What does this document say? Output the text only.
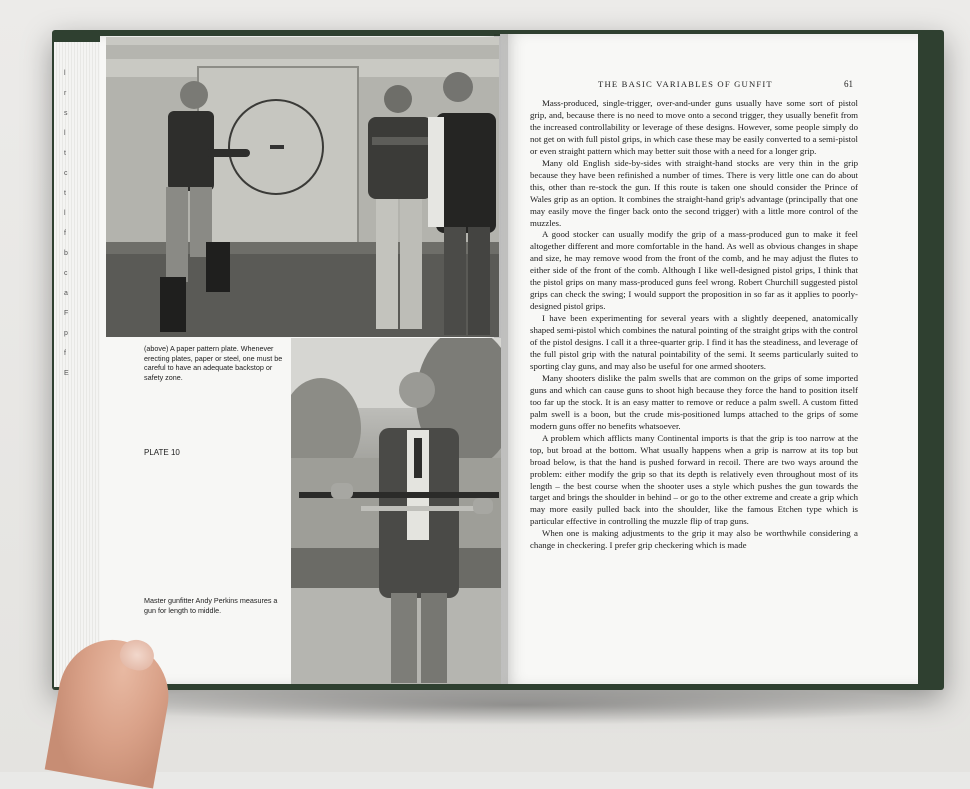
l
r
s
l
t
c
t
l
f
b
c
a
F
p
f
E
(above) A paper pattern plate. Whenever erecting plates, paper or steel, one must be careful to have an adequate backstop or safety zone.
PLATE 10
Master gunfitter Andy Perkins measures a gun for length to middle.
THE BASIC VARIABLES OF GUNFIT	61

Mass-produced, single-trigger, over-and-under guns usually have some sort of pistol grip, and, because there is no need to move onto a second trigger, they usually benefit from the increased controllability or leverage of these designs. However, some people simply do not get on with full pistol grips, in which case these may be easily converted to a semi-pistol or even straight pattern which may better suit those with a need for a longer grip.

Many old English side-by-sides with straight-hand stocks are very thin in the grip because they have been refinished a number of times. There is very little one can do about this, other than re-stock the gun. If this route is taken one should consider the Prince of Wales grip as an option. It combines the straight-hand grip's advantage (principally that one may easily move the finger back onto the second trigger) with a little more control of the muzzles.

A good stocker can usually modify the grip of a mass-produced gun to make it feel altogether different and more comfortable in the hand. As well as obvious changes in shape and size, he may remove wood from the front of the comb, and he may adjust the flutes to either side of the front of the comb. Although I like well-designed pistol grips, I think that the pistol grips on many mass-produced guns feel wrong. Robert Churchill suggested pistol grips can check the swing; I would support the proposition in so far as it applies to poorly-designed pistol grips.

I have been experimenting for several years with a slightly deepened, anatomically shaped semi-pistol which combines the natural pointing of the straight grips with the control of the pistol designs. I call it a three-quarter grip. I find it has the steadiness, and leverage of the full pistol grip with the natural pointability of the semi. It seems particularly suited to sporting clay guns, and may also be useful for one armed shooters.

Many shooters dislike the palm swells that are common on the grips of some imported guns and which can cause guns to shoot high because they force the hand to position itself too far up the stock. It is an easy matter to remove or reduce a palm swell. A custom fitted palm swell is a boon, but the crude mis-positioned lumps attached to the grips of some modern guns offer no benefits whatsoever.

A problem which afflicts many Continental imports is that the grip is too narrow at the top, but broad at the bottom. What usually happens when a grip is narrow at its top but broad below, is that the hand is pushed forward in recoil. There are two ways around the problem: either modify the grip so that its depth is relatively even throughout most of its length – the best course when the shooter uses a style which pushes the gun towards the target and brings the shoulder in behind – or go to the other extreme and create a grip which may more easily pulled back into the shoulder, like the famous Etchen type which is particular effective in controlling the muzzle flip of trap guns.

When one is making adjustments to the grip it may also be worthwhile considering a change in checkering. I prefer grip checkering which is made
